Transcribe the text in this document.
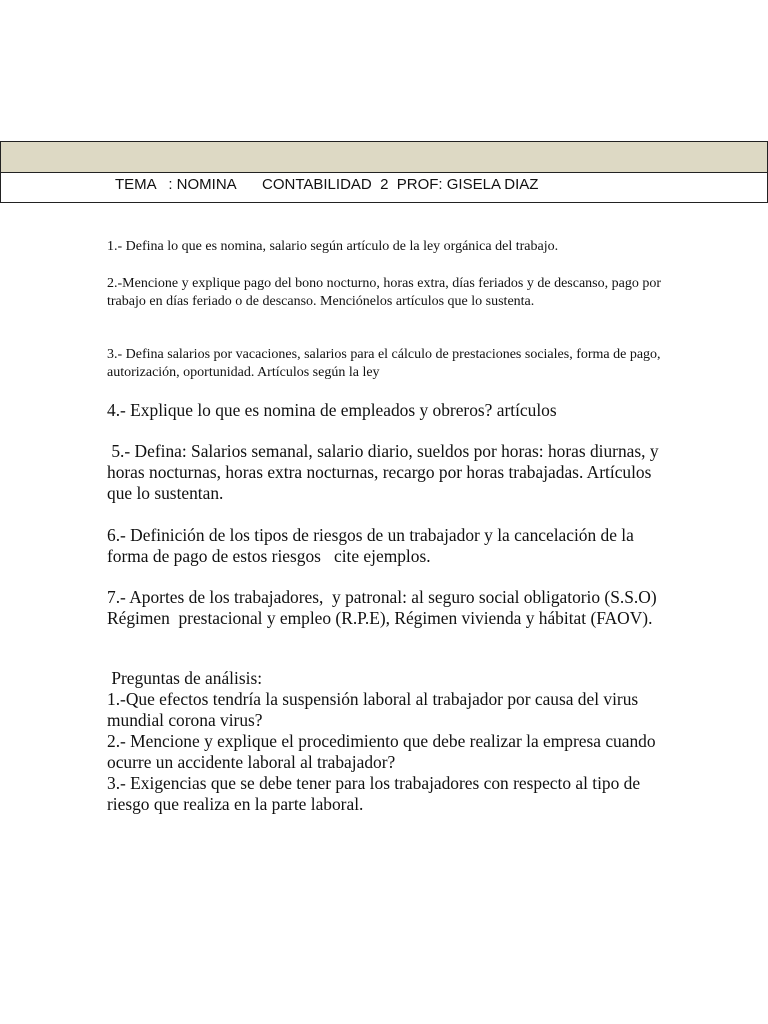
TEMA   : NOMINA CONTABILIDAD  2  PROF: GISELA DIAZ
1.- Defina lo que es nomina, salario según artículo de la ley orgánica del trabajo.
2.-Mencione y explique pago del bono nocturno, horas extra, días feriados y de descanso, pago por trabajo en días feriado o de descanso. Menciónelos artículos que lo sustenta.
3.- Defina salarios por vacaciones, salarios para el cálculo de prestaciones sociales, forma de pago, autorización, oportunidad. Artículos según la ley
4.- Explique lo que es nomina de empleados y obreros? artículos
5.- Defina: Salarios semanal, salario diario, sueldos por horas: horas diurnas, y horas nocturnas, horas extra nocturnas, recargo por horas trabajadas. Artículos que lo sustentan.
6.- Definición de los tipos de riesgos de un trabajador y la cancelación de la forma de pago de estos riesgos   cite ejemplos.
7.- Aportes de los trabajadores,  y patronal: al seguro social obligatorio (S.S.O)  Régimen  prestacional y empleo (R.P.E), Régimen vivienda y hábitat (FAOV).

Preguntas de análisis:

1.-Que efectos tendría la suspensión laboral al trabajador por causa del virus mundial corona virus?

2.- Mencione y explique el procedimiento que debe realizar la empresa cuando ocurre un accidente laboral al trabajador?

3.- Exigencias que se debe tener para los trabajadores con respecto al tipo de riesgo que realiza en la parte laboral.
